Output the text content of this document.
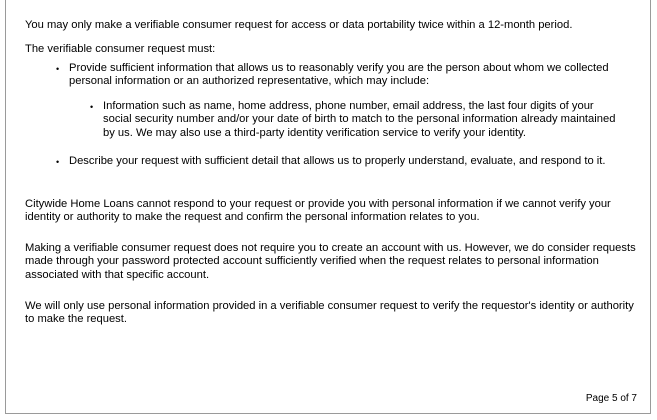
You may only make a verifiable consumer request for access or data portability twice within a 12-month period.

The verifiable consumer request must:

• Provide sufficient information that allows us to reasonably verify you are the person about whom we collected personal information or an authorized representative, which may include:

• Information such as name, home address, phone number, email address, the last four digits of your social security number and/or your date of birth to match to the personal information already maintained by us. We may also use a third-party identity verification service to verify your identity.

• Describe your request with sufficient detail that allows us to properly understand, evaluate, and respond to it.

Citywide Home Loans cannot respond to your request or provide you with personal information if we cannot verify your identity or authority to make the request and confirm the personal information relates to you.

Making a verifiable consumer request does not require you to create an account with us. However, we do consider requests made through your password protected account sufficiently verified when the request relates to personal information associated with that specific account.

We will only use personal information provided in a verifiable consumer request to verify the requestor's identity or authority to make the request.

Page 5 of 7
